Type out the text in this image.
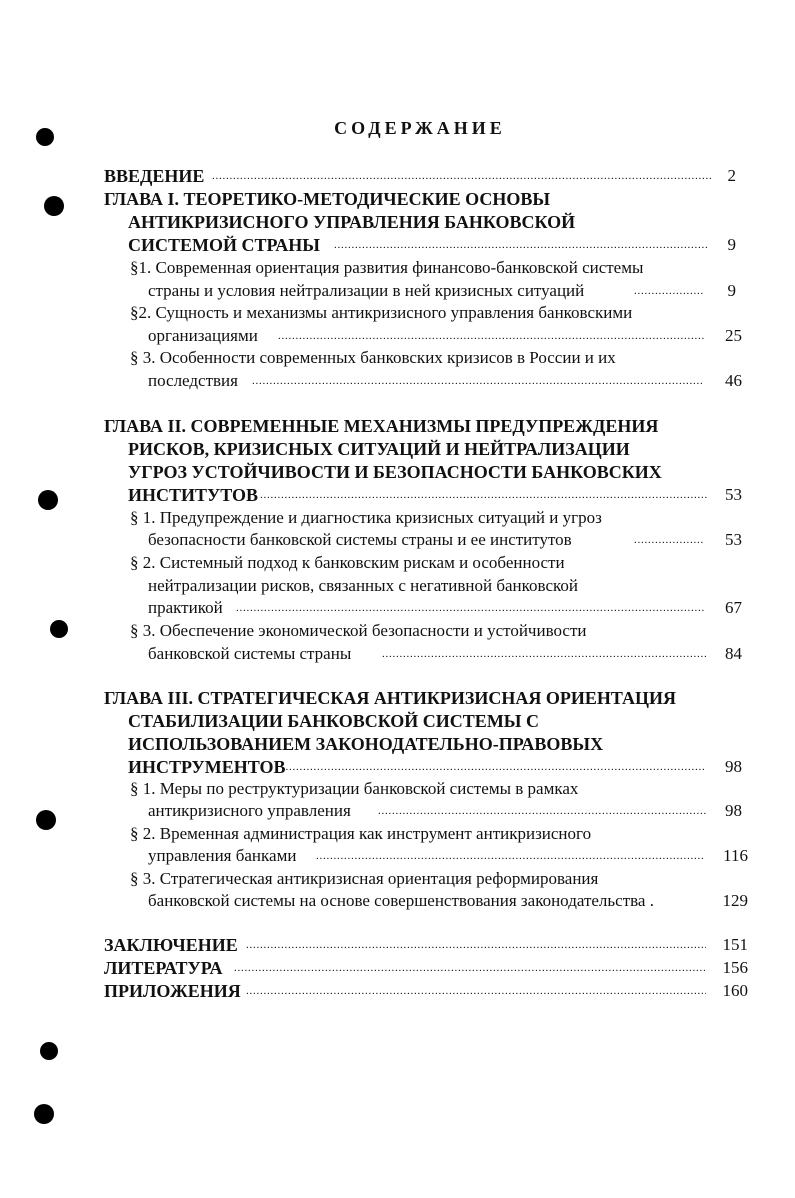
СОДЕРЖАНИЕ
ВВЕДЕНИЕ . . .	2
ГЛАВА I. ТЕОРЕТИКО-МЕТОДИЧЕСКИЕ ОСНОВЫ
АНТИКРИЗИСНОГО УПРАВЛЕНИЯ БАНКОВСКОЙ
СИСТЕМОЙ СТРАНЫ . . .	9
§1. Современная ориентация развития финансово-банковской системы
страны и условия нейтрализации в ней кризисных ситуаций . . .	9
§2. Сущность и механизмы антикризисного управления банковскими
организациями . . .	25
§ 3. Особенности современных банковских кризисов в России и их
последствия . . .	46
ГЛАВА II. СОВРЕМЕННЫЕ МЕХАНИЗМЫ ПРЕДУПРЕЖДЕНИЯ
РИСКОВ, КРИЗИСНЫХ СИТУАЦИЙ И НЕЙТРАЛИЗАЦИИ
УГРОЗ УСТОЙЧИВОСТИ И БЕЗОПАСНОСТИ БАНКОВСКИХ
ИНСТИТУТОВ . . .	53
§ 1. Предупреждение и диагностика кризисных ситуаций и угроз
безопасности банковской системы страны и ее институтов . . .	53
§ 2. Системный подход к банковским рискам и особенности
нейтрализации рисков, связанных с негативной банковской
практикой . . .	67
§ 3. Обеспечение экономической безопасности и устойчивости
банковской системы страны . . .	84
ГЛАВА III. СТРАТЕГИЧЕСКАЯ АНТИКРИЗИСНАЯ ОРИЕНТАЦИЯ
СТАБИЛИЗАЦИИ БАНКОВСКОЙ СИСТЕМЫ С
ИСПОЛЬЗОВАНИЕМ ЗАКОНОДАТЕЛЬНО-ПРАВОВЫХ
ИНСТРУМЕНТОВ . . .	98
§ 1. Меры по реструктуризации банковской системы в рамках
антикризисного управления . . .	98
§ 2. Временная администрация как инструмент антикризисного
управления банками . . .	116
§ 3. Стратегическая антикризисная ориентация реформирования
банковской системы на основе совершенствования законодательства .	129
ЗАКЛЮЧЕНИЕ . . .	151
ЛИТЕРАТУРА . . .	156
ПРИЛОЖЕНИЯ . . .	160
